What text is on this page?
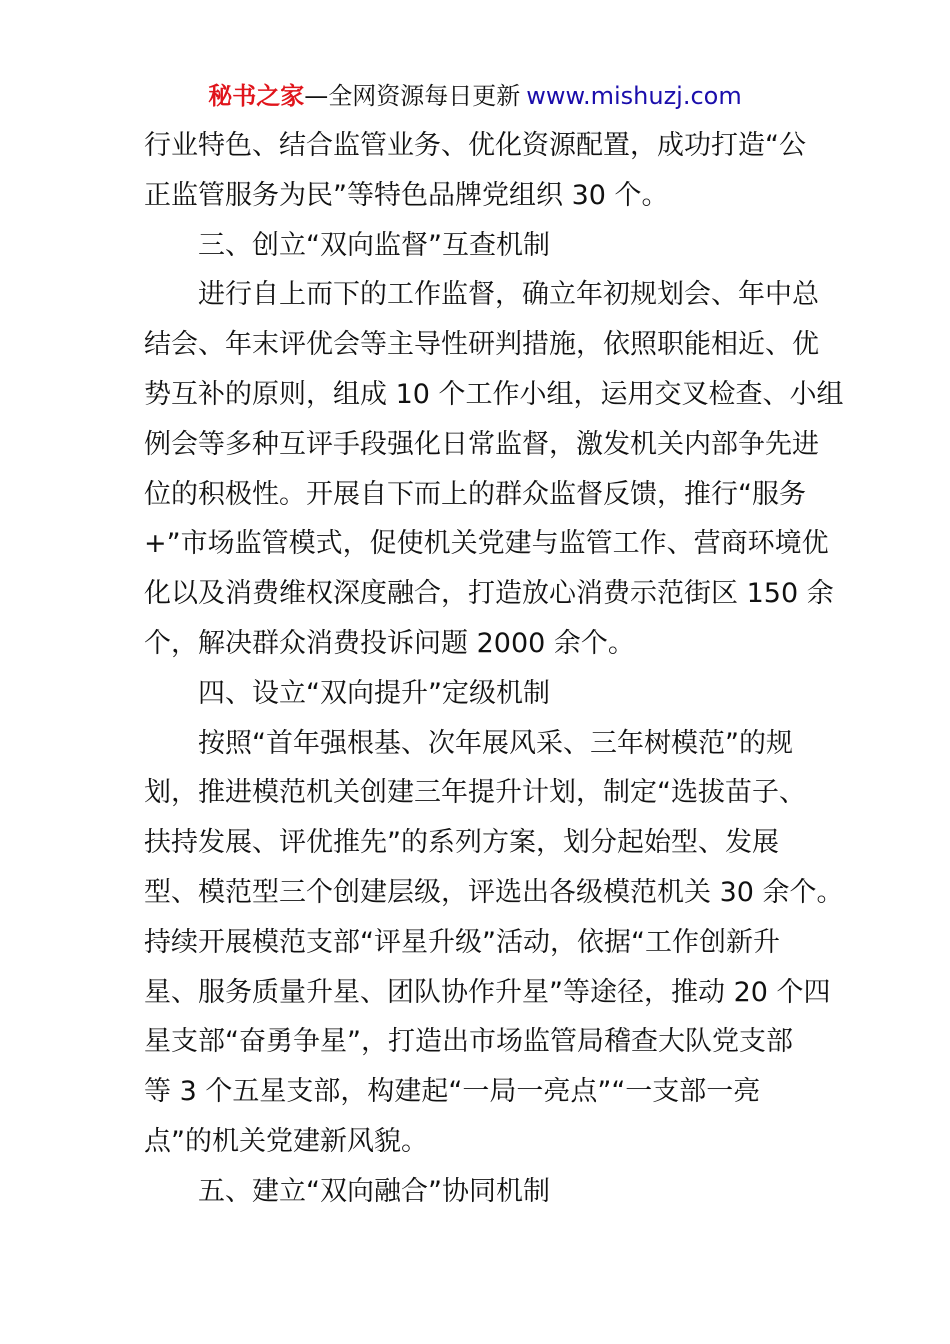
秘书之家—全网资源每日更新 www.mishuzj.com
行业特色、结合监管业务、优化资源配置，成功打造“公
正监管服务为民”等特色品牌党组织 30 个。
　　三、创立“双向监督”互查机制
　　进行自上而下的工作监督，确立年初规划会、年中总
结会、年末评优会等主导性研判措施，依照职能相近、优
势互补的原则，组成 10 个工作小组，运用交叉检查、小组
例会等多种互评手段强化日常监督，激发机关内部争先进
位的积极性。开展自下而上的群众监督反馈，推行“服务
+”市场监管模式，促使机关党建与监管工作、营商环境优
化以及消费维权深度融合，打造放心消费示范街区 150 余
个，解决群众消费投诉问题 2000 余个。
　　四、设立“双向提升”定级机制
　　按照“首年强根基、次年展风采、三年树模范”的规
划，推进模范机关创建三年提升计划，制定“选拔苗子、
扶持发展、评优推先”的系列方案，划分起始型、发展
型、模范型三个创建层级，评选出各级模范机关 30 余个。
持续开展模范支部“评星升级”活动，依据“工作创新升
星、服务质量升星、团队协作升星”等途径，推动 20 个四
星支部“奋勇争星”，打造出市场监管局稽查大队党支部
等 3 个五星支部，构建起“一局一亮点”“一支部一亮
点”的机关党建新风貌。
　　五、建立“双向融合”协同机制
